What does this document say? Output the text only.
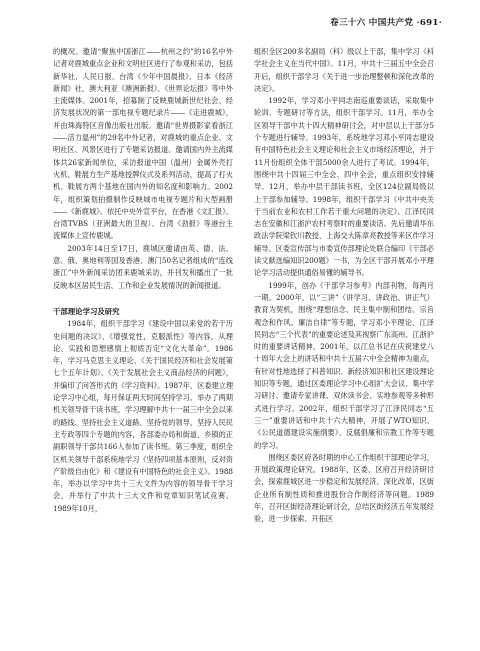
卷三十六 中国共产党 ·691·

的概况。邀请“聚焦中国浙江——杭州之约”的16名中外记者对鹿城重点企业和文明社区进行了参观和采访，包括新华社、人民日报、台湾《少年中国晨报》、日本《经济新闻》社、澳大利亚《澳洲新报》、《世界论坛报》等中外主流媒体。2001年，招募制了反映鹿城新世纪社会、经济发展状况的第一部电视专题纪录片——《走进鹿城》，并由珠海特区音像出版社出版。邀请“世界摄影家看浙江——活力温州”的29名中外记者，对鹿城的重点企业、文明社区、风景区进行了专题采访报道。邀请国内外主流媒体共26家新闻单位，采访报道中国（温州）金属外壳打火机、鞋展方生产基地授牌仪式及系列活动，提高了打火机、鞋展方两个基地在国内外的知名度和影响力。2002年，组织策划拍摄制作反映城市电视专题片和大型画册——《新鹿城》。依托中央外宣平台，在香港《文汇报》、台湾TVBS（亚洲最大的卫视）、台湾《劲报》等港台主流媒体上宣传鹿城。

2003年14日至17日，鹿城区邀请由英、德、法、意、俄、奥地利等国及香港、澳门50名记者组成的“连线浙江”中外新闻采访团来鹿城采访，并刊发和播出了一批反映本区居民生活、工作和企业发展情况的新闻报道。

干部理论学习及研究

1984年，组织干部学习《建设中国以来党的若干历史问题的决议》、《增强党性，克服派性》等内容，从理论、实践和思想感情上彻底否定“文化大革命”。1986年，学习马克思主义理论、《关于国民经济和社会发展第七个五年计划》、《关于发展社会主义商品经济的问题》，并编印了问答形式的《学习资料》。1987年，区委建立理论学习中心组，每月保证两天时间坚持学习。举办了两期机关领导骨干读书班，学习理解中共十一届三中全会以来的路线、坚持社会主义道路、坚持党的领导、坚持人民民主专政等四个专题的内容，各部委办局和街道、乡镇的正副职领导干部共166人参加了读书班。第三季度，组织全区机关领导干部系统地学习《坚持四项基本原则，反对资产阶级自由化》和《建设有中国特色的社会主义》。1988年，举办以学习中共十三大文件为内容的领导骨干学习会，并举行了中共十三大文件和党章知识笔试竞赛。1989年10月，

组织全区200多名副局（科）级以上干部，集中学习《科学社会主义在当代中国》。11月，中共十三届五中全会召开后，组织干部学习《关于进一步治理整顿和深化改革的决定》。

1992年，学习邓小平同志南巡重要谈话，采取集中轮训、专题研讨等方法，组织干部学习。11月，举办全区领导干部中共十四大精神研讨会，对中层以上干部分5个专题进行辅导。1993年，系统地学习邓小平同志建设有中国特色社会主义理论和社会主义市场经济理论，并于11月份组织全体干部5000余人进行了考试。1994年，围绕中共十四届三中全会、四中全会，重点组织安排辅导。12月，举办中层干部读书班，全区124位副局级以上干部参加辅导。1998年，组织干部学习《中共中央关于当前农业和农村工作若干重大问题的决定》、江泽民同志在安徽和江浙沪农村考察时的重要谈话。先后邀请华东政法学院梁钦川教授、上海交大陈章亮教授等来区作学习辅导。区委宣传部与市委宣传部理论处联合编印《干部必读文献选编知识200题》一书，为全区干部开展邓小平理论学习活动提供通俗易懂的辅导书。

1999年，创办《干部学习参考》内部刊物，每两月一期。2000年，以“三讲”（讲学习、讲政治、讲正气）教育为契机，围绕“理想信念、民主集中制和团结、宗旨观念和作风、廉洁自律”等专题，学习邓小平理论、江泽民同志“三个代表”的重要论述及其视察广东高州、江浙沪时的重要讲话精神。2001年，以江总书记在庆祝建党八十周年大会上的讲话和中共十五届六中全会精神为重点，有针对性地选择了科普知识、新经济知识和社区建设理论知识等专题，通过区委理论学习中心组扩大会议、集中学习研讨、邀请专家讲课、双休读书会、实地参观等多种形式进行学习。2002年，组织干部学习了江泽民同志“五三一”重要讲话和中共十六大精神，开展了WTO知识、《公民道德建设实施纲要》、反腐倡廉和宗教工作等专题的学习。

围绕区委区府各时期的中心工作组织干部理论学习，开展政策理论研究。1988年，区委、区府召开经济研讨会，探索鹿城区进一步稳定和发展经济、深化改革，区街企业所有制性质和推进股份合作制经济等问题。1989年，召开区街经济理论研讨会，总结区街经济五年发展经验，进一步探索、开拓区
